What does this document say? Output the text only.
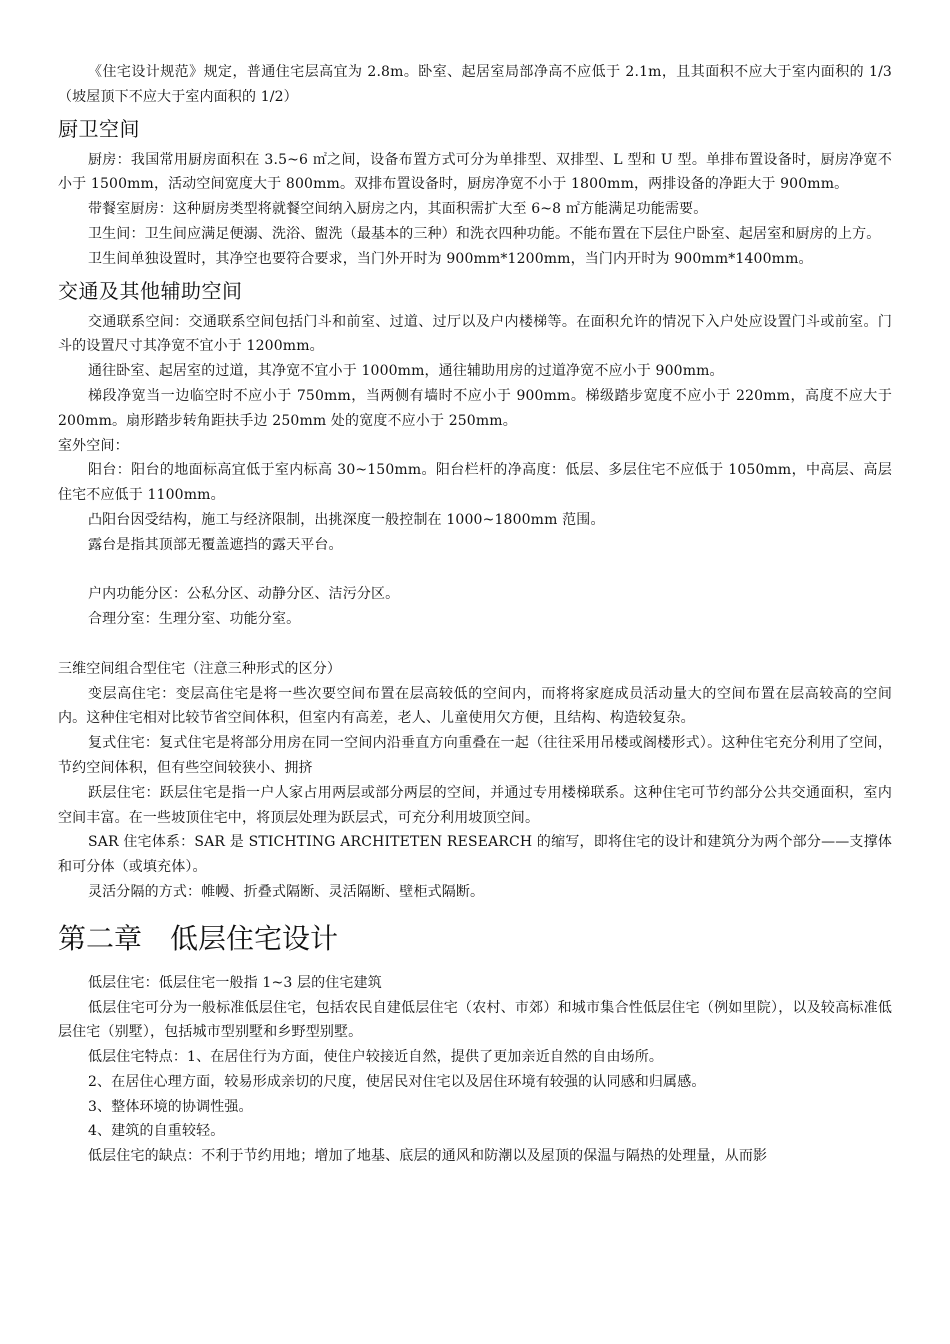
《住宅设计规范》规定，普通住宅层高宜为 2.8m。卧室、起居室局部净高不应低于 2.1m，且其面积不应大于室内面积的 1/3（坡屋顶下不应大于室内面积的 1/2）

厨卫空间

厨房：我国常用厨房面积在 3.5~6 ㎡之间，设备布置方式可分为单排型、双排型、L 型和 U 型。单排布置设备时，厨房净宽不小于 1500mm，活动空间宽度大于 800mm。双排布置设备时，厨房净宽不小于 1800mm，两排设备的净距大于 900mm。

带餐室厨房：这种厨房类型将就餐空间纳入厨房之内，其面积需扩大至 6~8 ㎡方能满足功能需要。

卫生间：卫生间应满足便溺、洗浴、盥洗（最基本的三种）和洗衣四种功能。不能布置在下层住户卧室、起居室和厨房的上方。

卫生间单独设置时，其净空也要符合要求，当门外开时为 900mm*1200mm，当门内开时为 900mm*1400mm。

交通及其他辅助空间

交通联系空间：交通联系空间包括门斗和前室、过道、过厅以及户内楼梯等。在面积允许的情况下入户处应设置门斗或前室。门斗的设置尺寸其净宽不宜小于 1200mm。

通往卧室、起居室的过道，其净宽不宜小于 1000mm，通往辅助用房的过道净宽不应小于 900mm。

梯段净宽当一边临空时不应小于 750mm，当两侧有墙时不应小于 900mm。梯级踏步宽度不应小于 220mm，高度不应大于 200mm。扇形踏步转角距扶手边 250mm 处的宽度不应小于 250mm。

室外空间：

阳台：阳台的地面标高宜低于室内标高 30~150mm。阳台栏杆的净高度：低层、多层住宅不应低于 1050mm，中高层、高层住宅不应低于 1100mm。

凸阳台因受结构，施工与经济限制，出挑深度一般控制在 1000~1800mm 范围。

露台是指其顶部无覆盖遮挡的露天平台。

户内功能分区：公私分区、动静分区、洁污分区。

合理分室：生理分室、功能分室。

三维空间组合型住宅（注意三种形式的区分）

变层高住宅：变层高住宅是将一些次要空间布置在层高较低的空间内，而将将家庭成员活动量大的空间布置在层高较高的空间内。这种住宅相对比较节省空间体积，但室内有高差，老人、儿童使用欠方便，且结构、构造较复杂。

复式住宅：复式住宅是将部分用房在同一空间内沿垂直方向重叠在一起（往往采用吊楼或阁楼形式）。这种住宅充分利用了空间，节约空间体积，但有些空间较狭小、拥挤

跃层住宅：跃层住宅是指一户人家占用两层或部分两层的空间，并通过专用楼梯联系。这种住宅可节约部分公共交通面积，室内空间丰富。在一些坡顶住宅中，将顶层处理为跃层式，可充分利用坡顶空间。

SAR 住宅体系：SAR 是 STICHTING ARCHITETEN RESEARCH 的缩写，即将住宅的设计和建筑分为两个部分——支撑体和可分体（或填充体）。

灵活分隔的方式：帷幔、折叠式隔断、灵活隔断、壁柜式隔断。

第二章　低层住宅设计

低层住宅：低层住宅一般指 1~3 层的住宅建筑

低层住宅可分为一般标准低层住宅，包括农民自建低层住宅（农村、市郊）和城市集合性低层住宅（例如里院），以及较高标准低层住宅（别墅），包括城市型别墅和乡野型别墅。

低层住宅特点：1、在居住行为方面，使住户较接近自然，提供了更加亲近自然的自由场所。

2、在居住心理方面，较易形成亲切的尺度，使居民对住宅以及居住环境有较强的认同感和归属感。

3、整体环境的协调性强。

4、建筑的自重较轻。

低层住宅的缺点：不利于节约用地；增加了地基、底层的通风和防潮以及屋顶的保温与隔热的处理量，从而影
